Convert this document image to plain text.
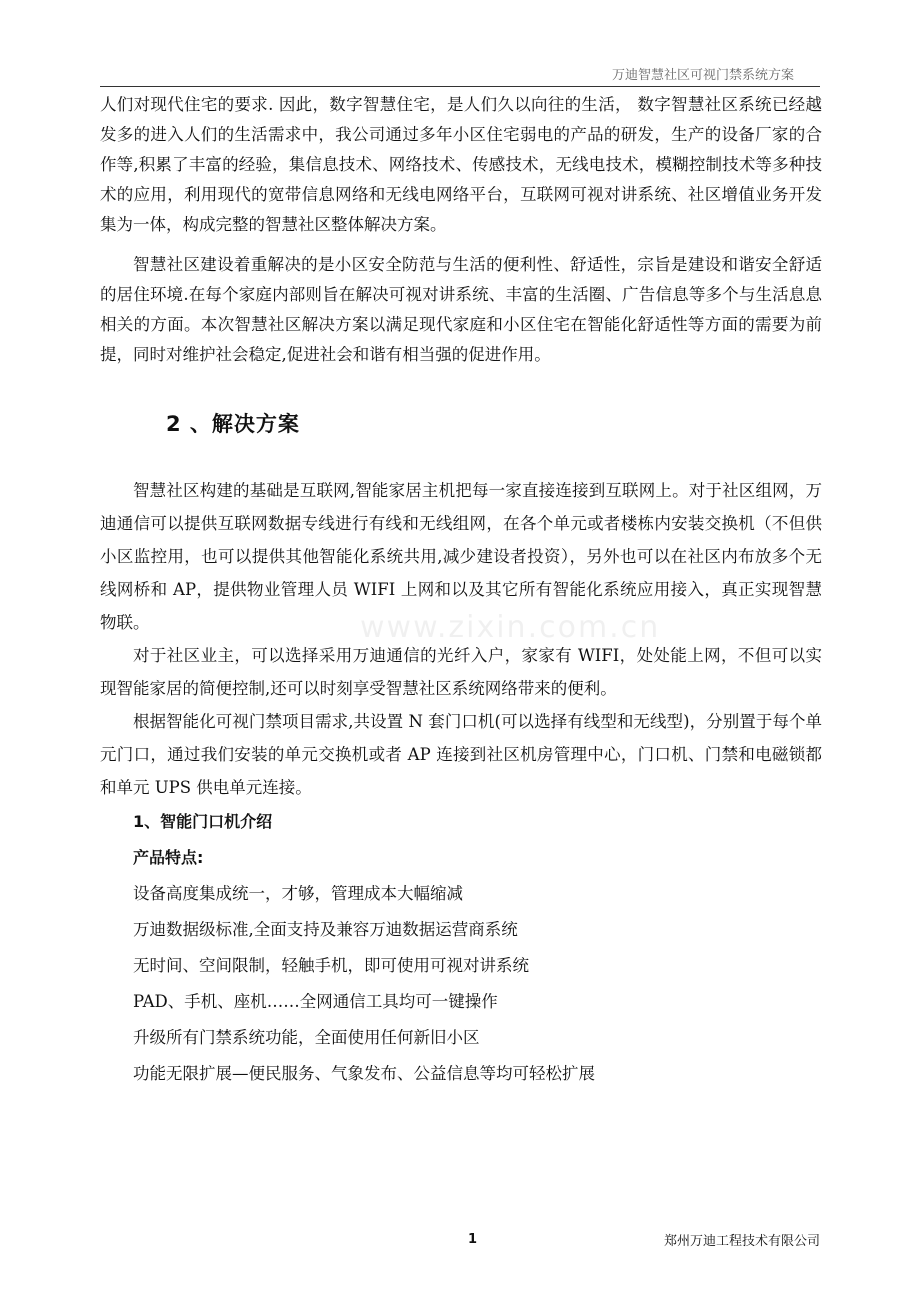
万迪智慧社区可视门禁系统方案
www.zixin.com.cn

人们对现代住宅的要求. 因此，数字智慧住宅，是人们久以向往的生活， 数字智慧社区系统已经越发多的进入人们的生活需求中，我公司通过多年小区住宅弱电的产品的研发，生产的设备厂家的合作等,积累了丰富的经验，集信息技术、网络技术、传感技术，无线电技术，模糊控制技术等多种技术的应用，利用现代的宽带信息网络和无线电网络平台，互联网可视对讲系统、社区增值业务开发集为一体，构成完整的智慧社区整体解决方案。

智慧社区建设着重解决的是小区安全防范与生活的便利性、舒适性，宗旨是建设和谐安全舒适的居住环境.在每个家庭内部则旨在解决可视对讲系统、丰富的生活圈、广告信息等多个与生活息息相关的方面。本次智慧社区解决方案以满足现代家庭和小区住宅在智能化舒适性等方面的需要为前提，同时对维护社会稳定,促进社会和谐有相当强的促进作用。

2 、解决方案

智慧社区构建的基础是互联网,智能家居主机把每一家直接连接到互联网上。对于社区组网，万迪通信可以提供互联网数据专线进行有线和无线组网，在各个单元或者楼栋内安装交换机（不但供小区监控用，也可以提供其他智能化系统共用,减少建设者投资），另外也可以在社区内布放多个无线网桥和 AP，提供物业管理人员 WIFI 上网和以及其它所有智能化系统应用接入，真正实现智慧物联。

对于社区业主，可以选择采用万迪通信的光纤入户，家家有 WIFI，处处能上网，不但可以实现智能家居的简便控制,还可以时刻享受智慧社区系统网络带来的便利。

根据智能化可视门禁项目需求,共设置 N 套门口机(可以选择有线型和无线型)，分别置于每个单元门口，通过我们安装的单元交换机或者 AP 连接到社区机房管理中心，门口机、门禁和电磁锁都和单元 UPS 供电单元连接。

1、智能门口机介绍
产品特点:
设备高度集成统一，才够，管理成本大幅缩减
万迪数据级标准,全面支持及兼容万迪数据运营商系统
无时间、空间限制，轻触手机，即可使用可视对讲系统
PAD、手机、座机……全网通信工具均可一键操作
升级所有门禁系统功能，全面使用任何新旧小区
功能无限扩展—便民服务、气象发布、公益信息等均可轻松扩展
1	郑州万迪工程技术有限公司
